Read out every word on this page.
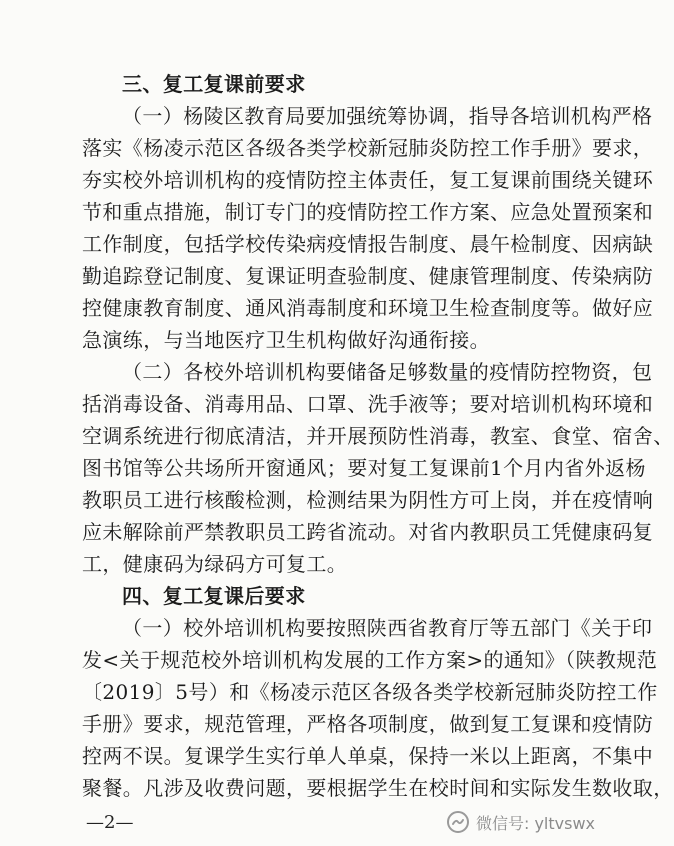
三、复工复课前要求
（一）杨陵区教育局要加强统筹协调，指导各培训机构严格
落实《杨凌示范区各级各类学校新冠肺炎防控工作手册》要求，
夯实校外培训机构的疫情防控主体责任，复工复课前围绕关键环
节和重点措施，制订专门的疫情防控工作方案、应急处置预案和
工作制度，包括学校传染病疫情报告制度、晨午检制度、因病缺
勤追踪登记制度、复课证明查验制度、健康管理制度、传染病防
控健康教育制度、通风消毒制度和环境卫生检查制度等。做好应
急演练，与当地医疗卫生机构做好沟通衔接。
（二）各校外培训机构要储备足够数量的疫情防控物资，包
括消毒设备、消毒用品、口罩、洗手液等；要对培训机构环境和
空调系统进行彻底清洁，并开展预防性消毒，教室、食堂、宿舍、
图书馆等公共场所开窗通风；要对复工复课前1个月内省外返杨
教职员工进行核酸检测，检测结果为阴性方可上岗，并在疫情响
应未解除前严禁教职员工跨省流动。对省内教职员工凭健康码复
工，健康码为绿码方可复工。
四、复工复课后要求
（一）校外培训机构要按照陕西省教育厅等五部门《关于印
发<关于规范校外培训机构发展的工作方案>的通知》（陕教规范
〔2019〕5号）和《杨凌示范区各级各类学校新冠肺炎防控工作
手册》要求，规范管理，严格各项制度，做到复工复课和疫情防
控两不误。复课学生实行单人单桌，保持一米以上距离，不集中
聚餐。凡涉及收费问题，要根据学生在校时间和实际发生数收取，
—2—	微信号: yltvswx
